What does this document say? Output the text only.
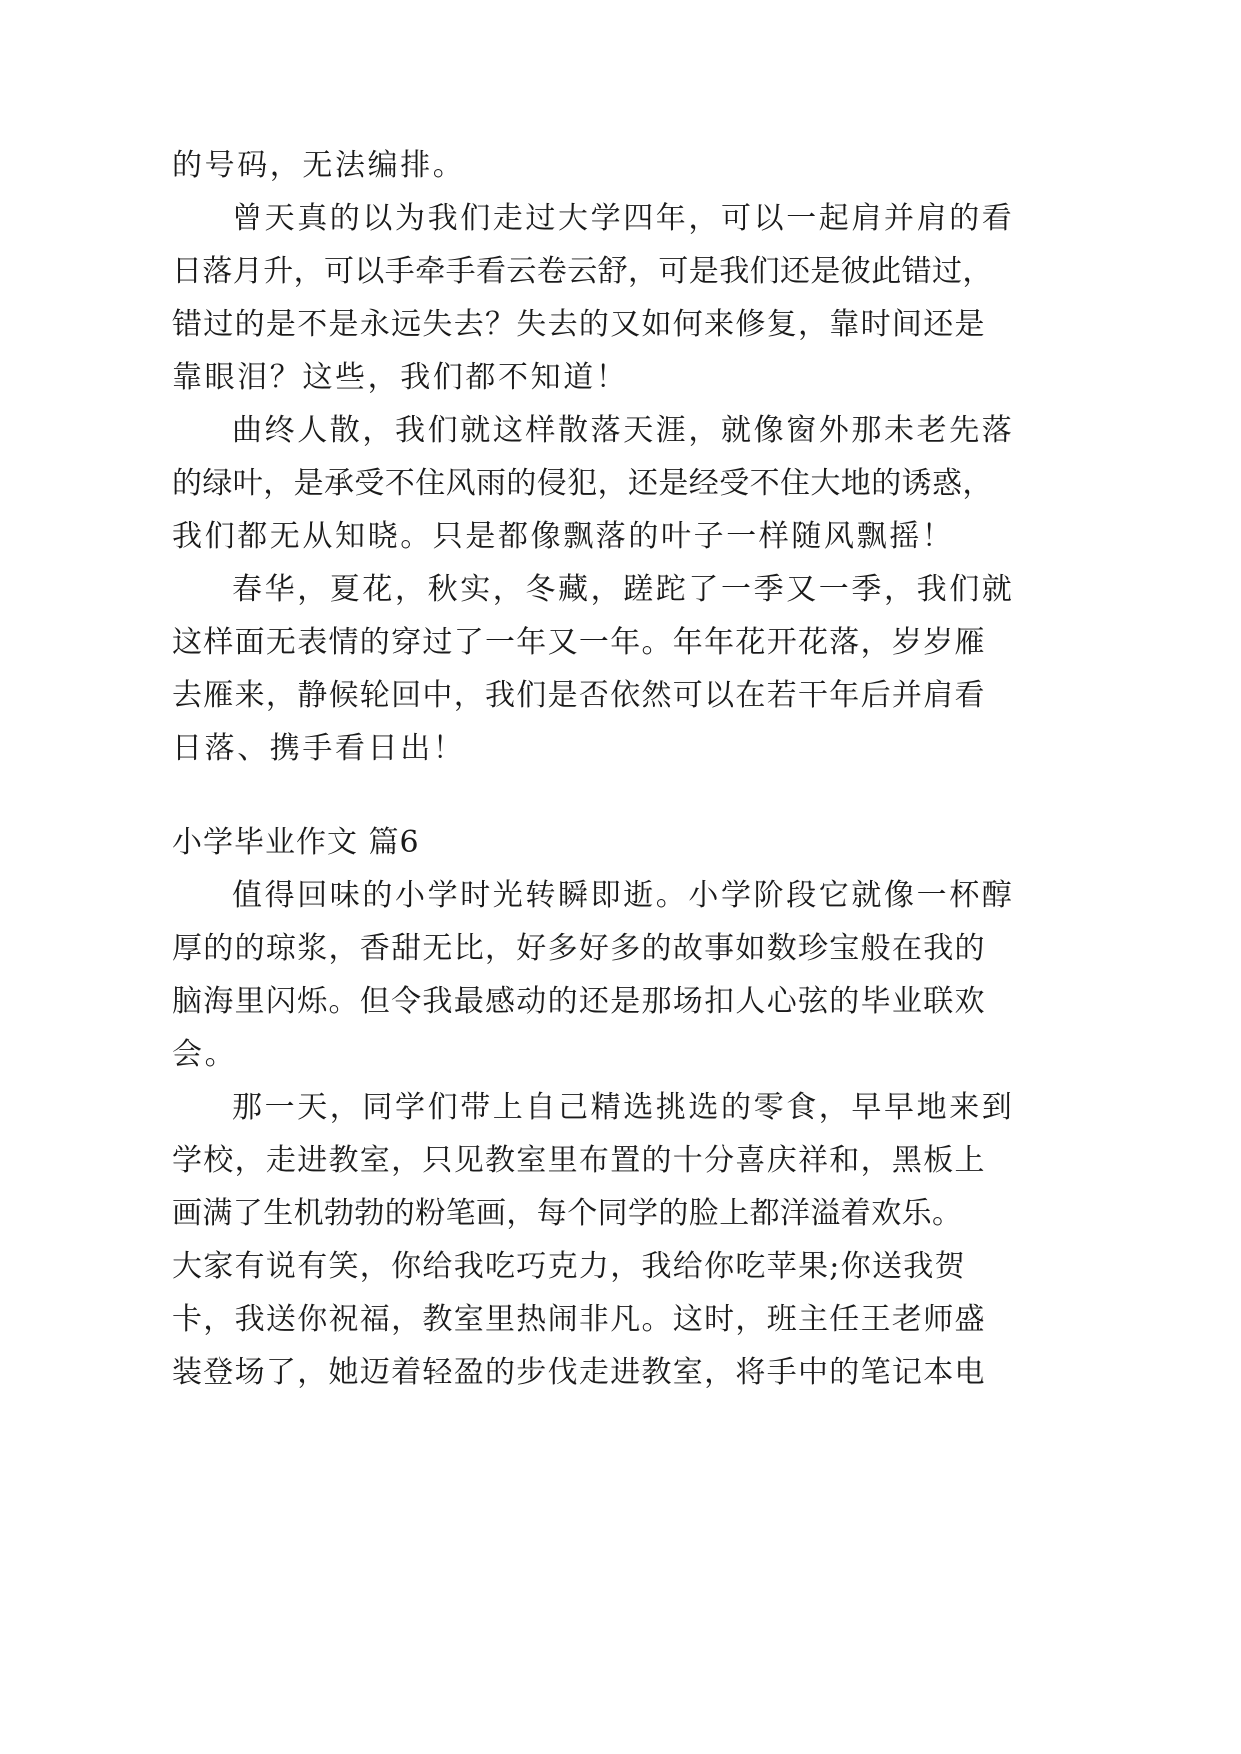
的号码，无法编排。
曾天真的以为我们走过大学四年，可以一起肩并肩的看
日落月升，可以手牵手看云卷云舒，可是我们还是彼此错过，
错过的是不是永远失去？失去的又如何来修复，靠时间还是
靠眼泪？这些，我们都不知道！
曲终人散，我们就这样散落天涯，就像窗外那未老先落
的绿叶，是承受不住风雨的侵犯，还是经受不住大地的诱惑，
我们都无从知晓。只是都像飘落的叶子一样随风飘摇！
春华，夏花，秋实，冬藏，蹉跎了一季又一季，我们就
这样面无表情的穿过了一年又一年。年年花开花落，岁岁雁
去雁来，静候轮回中，我们是否依然可以在若干年后并肩看
日落、携手看日出！
小学毕业作文 篇6
值得回味的小学时光转瞬即逝。小学阶段它就像一杯醇
厚的的琼浆，香甜无比，好多好多的故事如数珍宝般在我的
脑海里闪烁。但令我最感动的还是那场扣人心弦的毕业联欢
会。
那一天，同学们带上自己精选挑选的零食，早早地来到
学校，走进教室，只见教室里布置的十分喜庆祥和，黑板上
画满了生机勃勃的粉笔画，每个同学的脸上都洋溢着欢乐。
大家有说有笑，你给我吃巧克力，我给你吃苹果;你送我贺
卡，我送你祝福，教室里热闹非凡。这时，班主任王老师盛
装登场了，她迈着轻盈的步伐走进教室，将手中的笔记本电
